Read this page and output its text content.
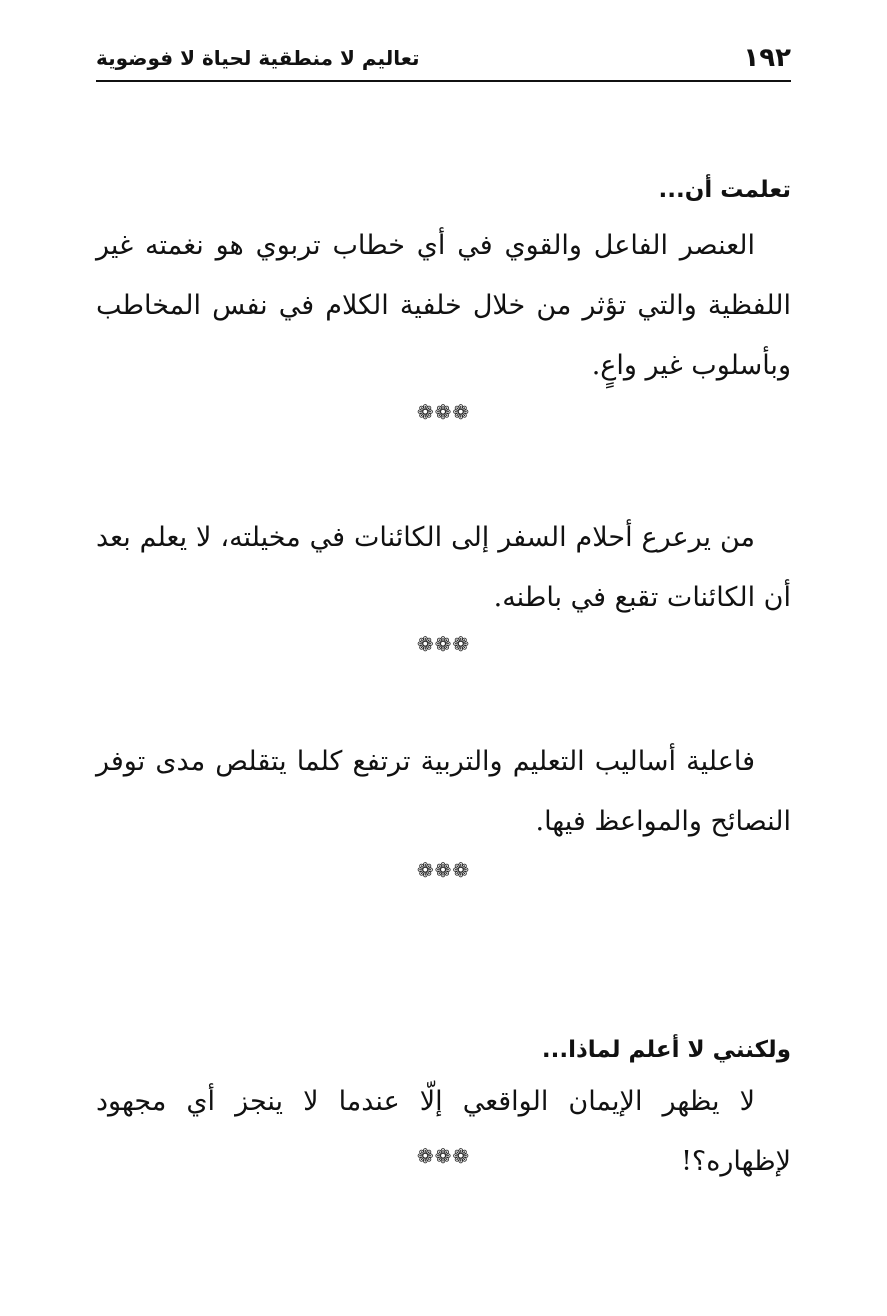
١٩٢
تعاليم لا منطقية لحياة لا فوضوية
تعلمت أن...

العنصر الفاعل والقوي في أي خطاب تربوي هو نغمته غير اللفظية والتي تؤثر من خلال خلفية الكلام في نفس المخاطب وبأسلوب غير واعٍ.

❁❁❁

من يرعرع أحلام السفر إلى الكائنات في مخيلته، لا يعلم بعد أن الكائنات تقبع في باطنه.

❁❁❁

فاعلية أساليب التعليم والتربية ترتفع كلما يتقلص مدى توفر النصائح والمواعظ فيها.

❁❁❁
ولكنني لا أعلم لماذا...

لا يظهر الإيمان الواقعي إلّا عندما لا ينجز أي مجهود لإظهاره؟!

❁❁❁
